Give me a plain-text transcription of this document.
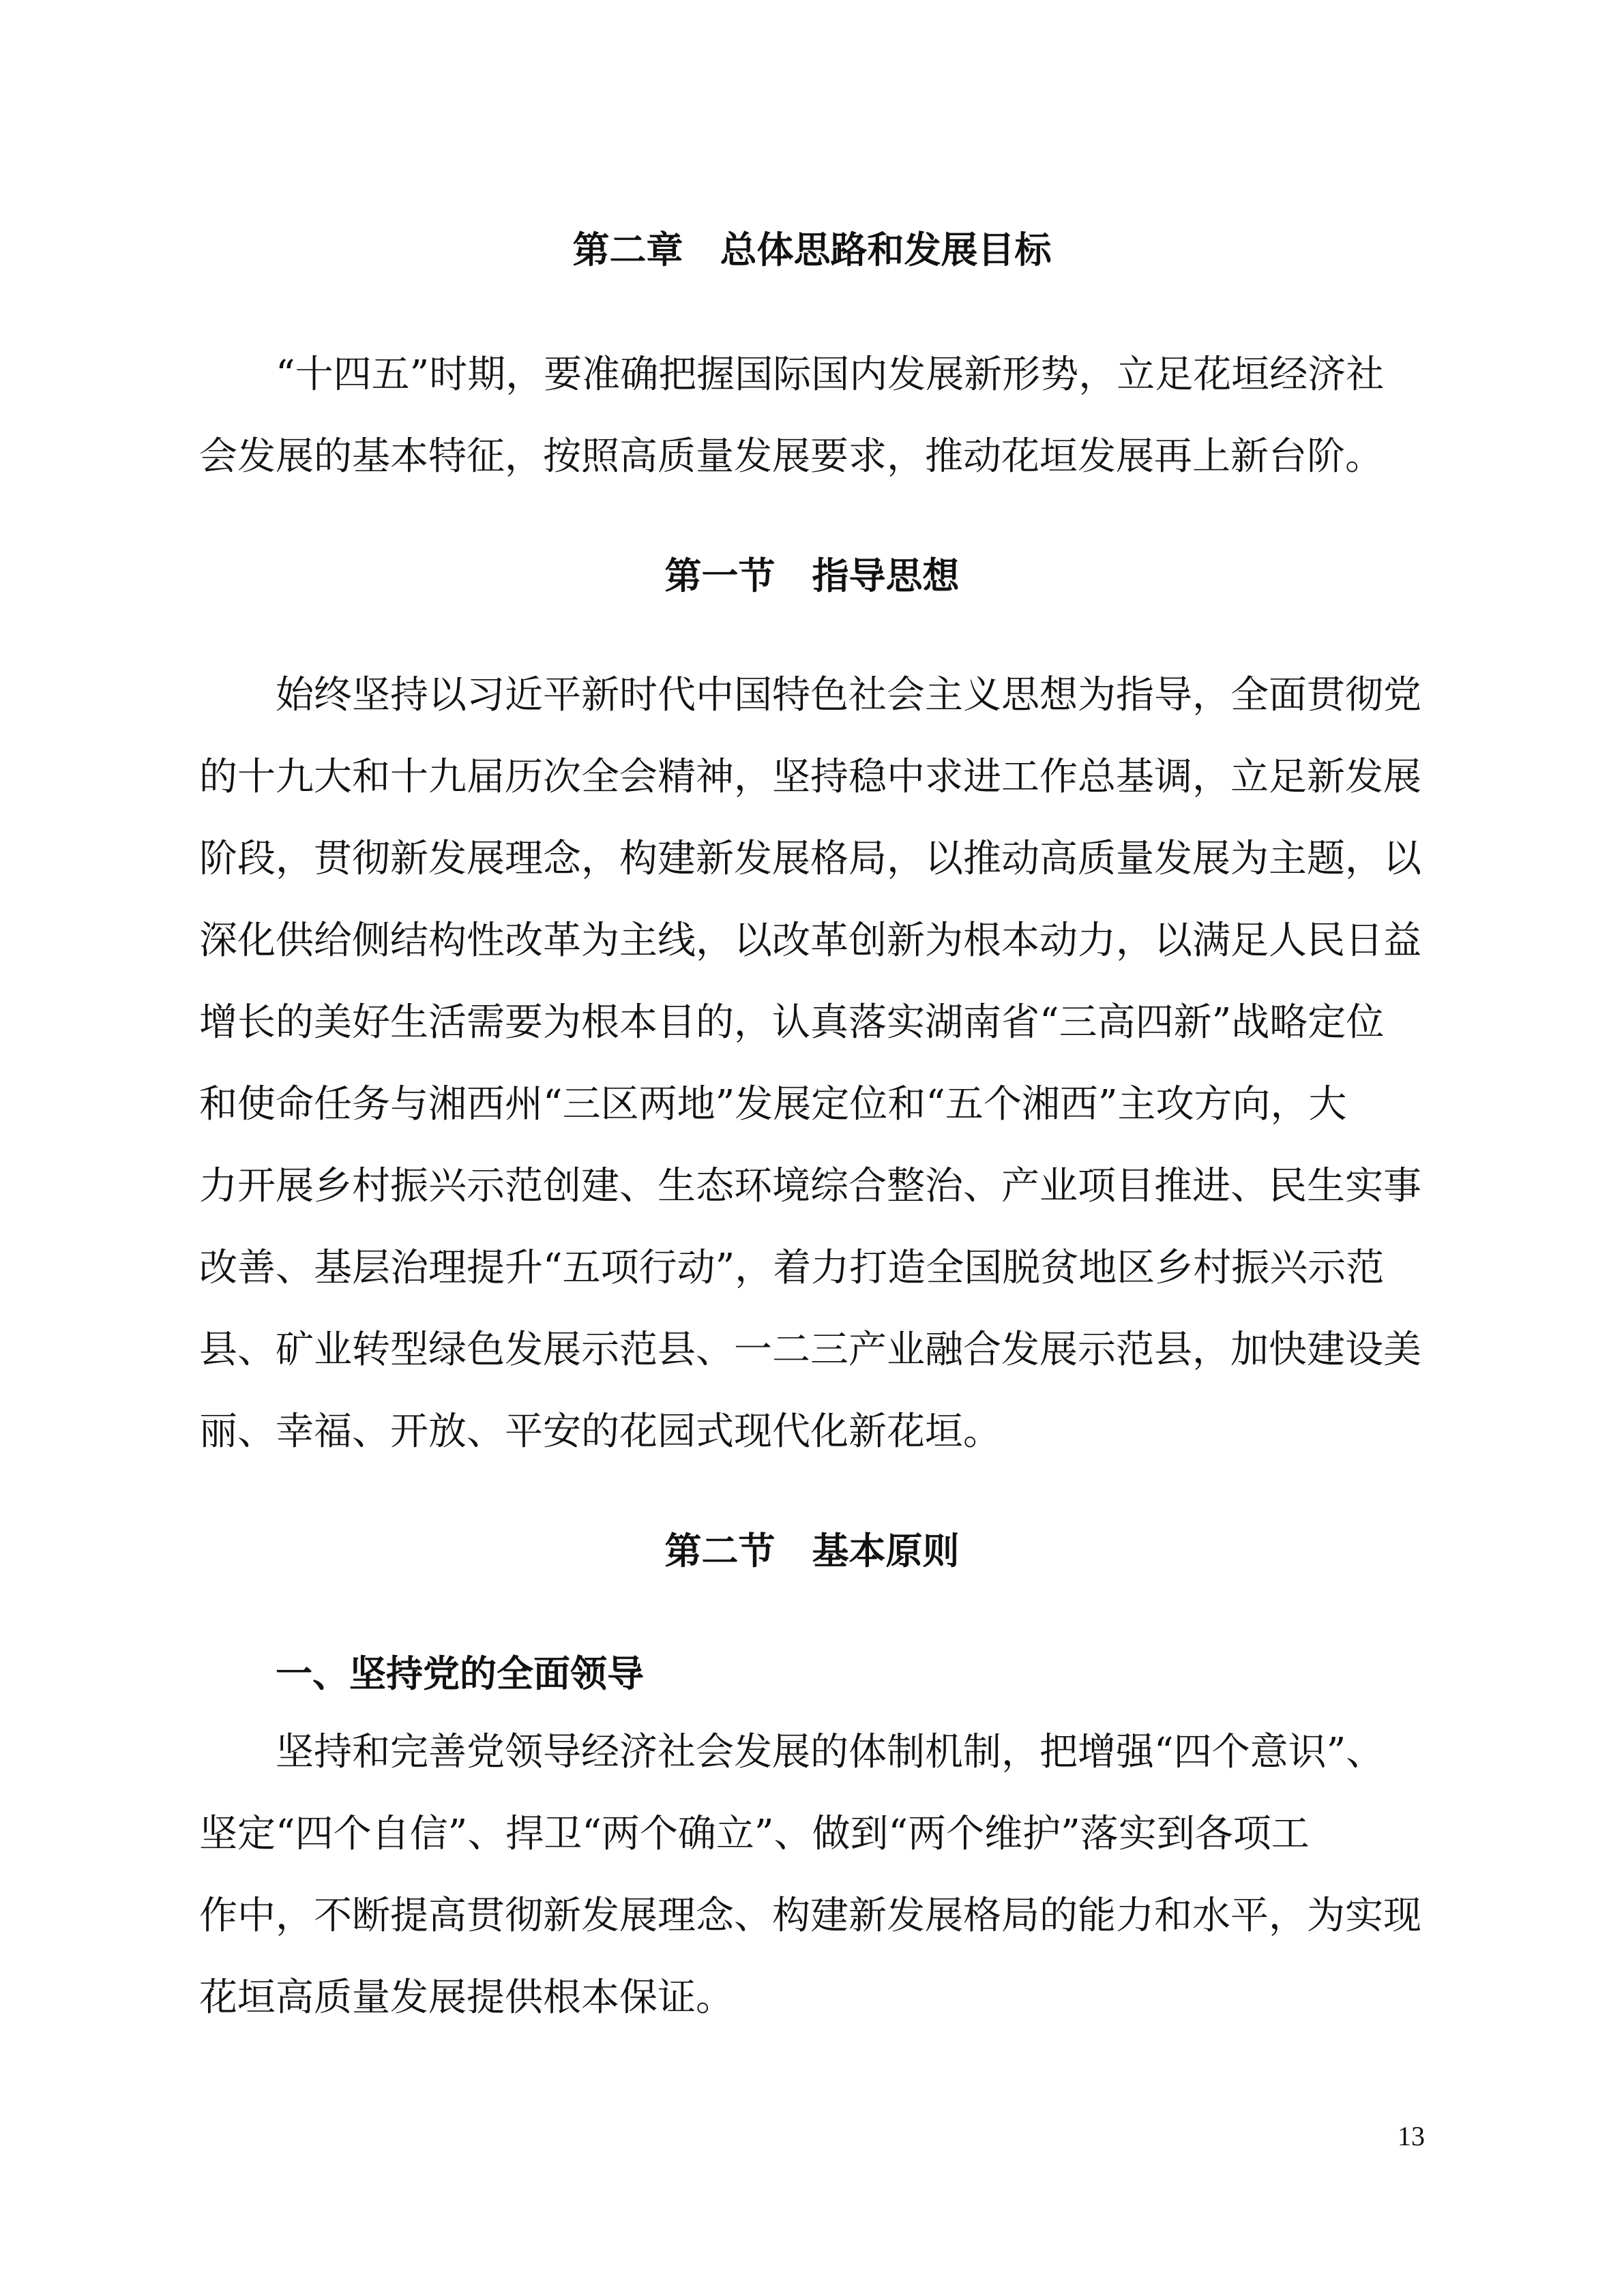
第二章　总体思路和发展目标

“十四五”时期，要准确把握国际国内发展新形势，立足花垣经济社

会发展的基本特征，按照高质量发展要求，推动花垣发展再上新台阶。

第一节　指导思想

始终坚持以习近平新时代中国特色社会主义思想为指导，全面贯彻党

的十九大和十九届历次全会精神，坚持稳中求进工作总基调，立足新发展

阶段，贯彻新发展理念，构建新发展格局，以推动高质量发展为主题，以

深化供给侧结构性改革为主线，以改革创新为根本动力，以满足人民日益

增长的美好生活需要为根本目的，认真落实湖南省“三高四新”战略定位

和使命任务与湘西州“三区两地”发展定位和“五个湘西”主攻方向，大

力开展乡村振兴示范创建、生态环境综合整治、产业项目推进、民生实事

改善、基层治理提升“五项行动”，着力打造全国脱贫地区乡村振兴示范

县、矿业转型绿色发展示范县、一二三产业融合发展示范县，加快建设美

丽、幸福、开放、平安的花园式现代化新花垣。

第二节　基本原则
一、坚持党的全面领导

坚持和完善党领导经济社会发展的体制机制，把增强“四个意识”、

坚定“四个自信”、捍卫“两个确立”、做到“两个维护”落实到各项工

作中，不断提高贯彻新发展理念、构建新发展格局的能力和水平，为实现

花垣高质量发展提供根本保证。

13
